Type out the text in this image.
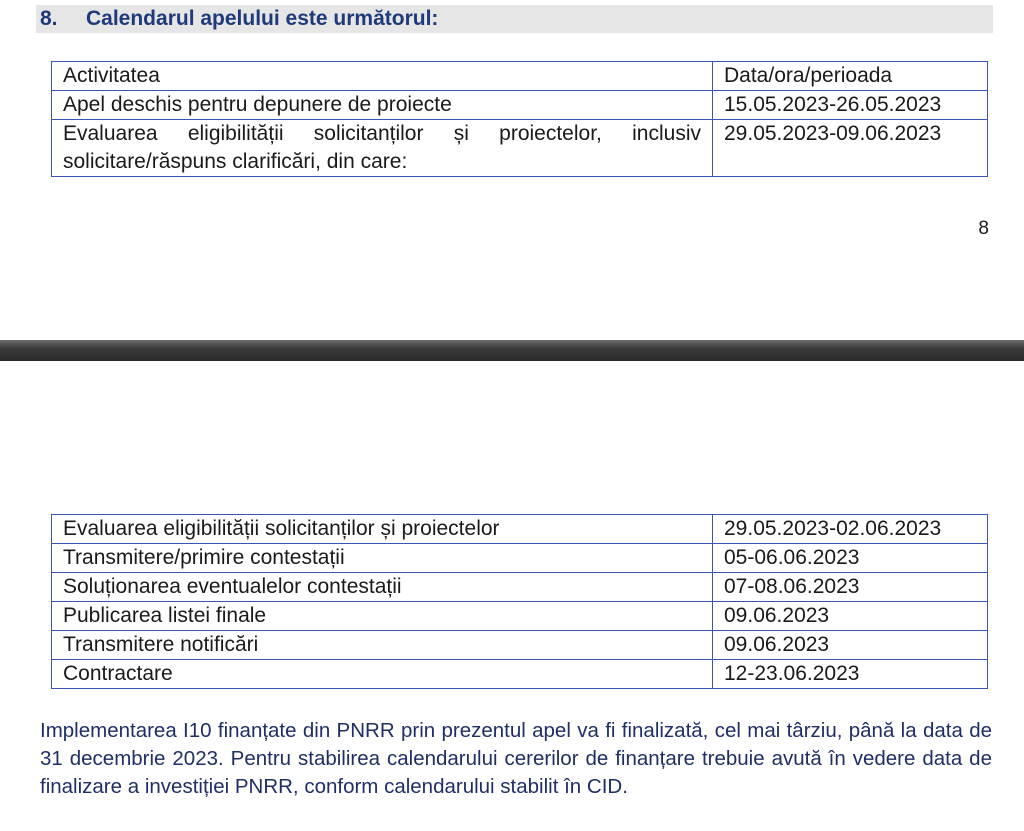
8.	Calendarul apelului este următorul:
Activitatea	Data/ora/perioada
Apel deschis pentru depunere de proiecte	15.05.2023-26.05.2023
Evaluarea eligibilității solicitanților și proiectelor, inclusiv solicitare/răspuns clarificări, din care:	29.05.2023-09.06.2023
8
Evaluarea eligibilității solicitanților și proiectelor	29.05.2023-02.06.2023
Transmitere/primire contestații	05-06.06.2023
Soluționarea eventualelor contestații	07-08.06.2023
Publicarea listei finale	09.06.2023
Transmitere notificări	09.06.2023
Contractare	12-23.06.2023

Implementarea I10 finanțate din PNRR prin prezentul apel va fi finalizată, cel mai târziu, până la data de 31 decembrie 2023. Pentru stabilirea calendarului cererilor de finanțare trebuie avută în vedere data de finalizare a investiției PNRR, conform calendarului stabilit în CID.
